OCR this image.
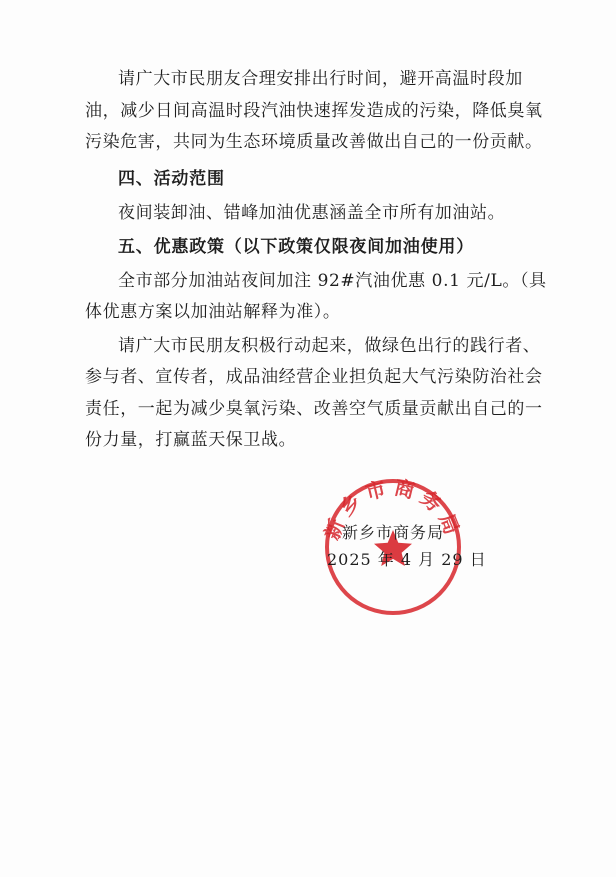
请广大市民朋友合理安排出行时间，避开高温时段加
油，减少日间高温时段汽油快速挥发造成的污染，降低臭氧
污染危害，共同为生态环境质量改善做出自己的一份贡献。
四、活动范围
夜间装卸油、错峰加油优惠涵盖全市所有加油站。
五、优惠政策（以下政策仅限夜间加油使用）
全市部分加油站夜间加注 92#汽油优惠 0.1 元/L。（具
体优惠方案以加油站解释为准）。
请广大市民朋友积极行动起来，做绿色出行的践行者、
参与者、宣传者，成品油经营企业担负起大气污染防治社会
责任，一起为减少臭氧污染、改善空气质量贡献出自己的一
份力量，打赢蓝天保卫战。
新乡市商务局
新乡市商务局
2025 年 4 月 29 日
